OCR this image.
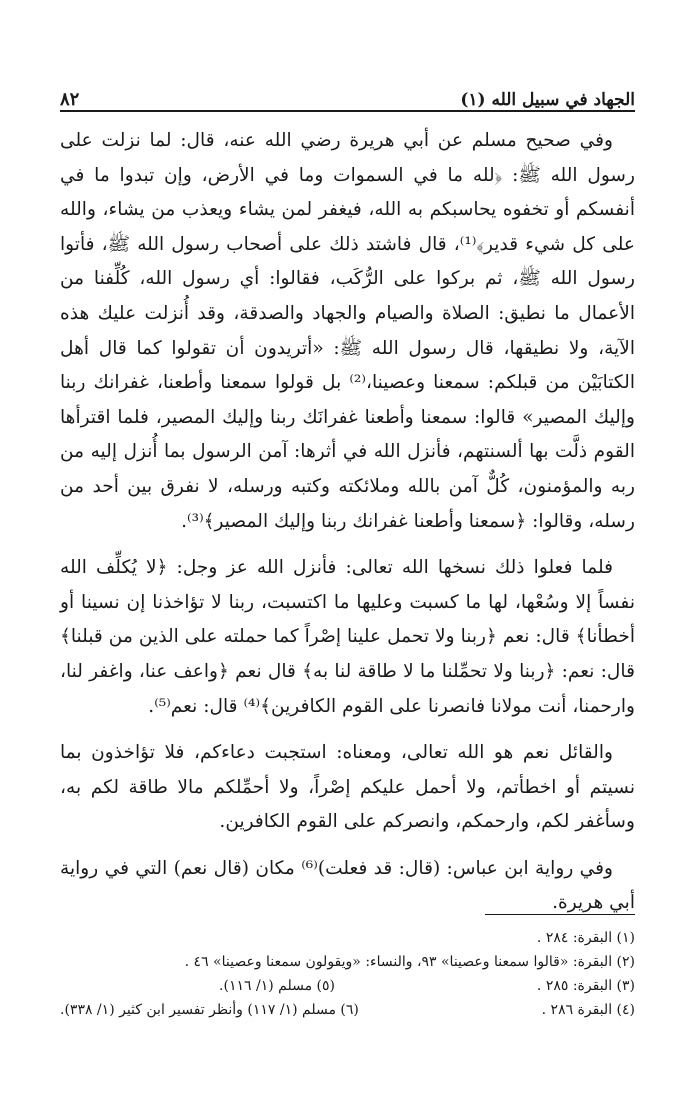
الجهاد في سبيل الله (١)
٨٢

وفي صحيح مسلم عن أبي هريرة رضي الله عنه، قال: لما نزلت على رسول الله ﷺ: ﴿لله ما في السموات وما في الأرض، وإن تبدوا ما في أنفسكم أو تخفوه يحاسبكم به الله، فيغفر لمن يشاء ويعذب من يشاء، والله على كل شيء قدير﴾⁽¹⁾، قال فاشتد ذلك على أصحاب رسول الله ﷺ، فأتوا رسول الله ﷺ، ثم بركوا على الرُّكَب، فقالوا: أي رسول الله، كُلِّفنا من الأعمال ما نطيق: الصلاة والصيام والجهاد والصدقة، وقد أُنزلت عليك هذه الآية، ولا نطيقها، قال رسول الله ﷺ: «أتريدون أن تقولوا كما قال أهل الكتابَيْن من قبلكم: سمعنا وعصينا،⁽²⁾ بل قولوا سمعنا وأطعنا، غفرانك ربنا وإليك المصير» قالوا: سمعنا وأطعنا غفرانَك ربنا وإليك المصير، فلما اقترأها القوم ذلَّت بها ألسنتهم، فأنزل الله في أثرها: آمن الرسول بما أُنزل إليه من ربه والمؤمنون، كُلٌّ آمن بالله وملائكته وكتبه ورسله، لا نفرق بين أحد من رسله، وقالوا: ﴿سمعنا وأطعنا غفرانك ربنا وإليك المصير﴾⁽³⁾.

فلما فعلوا ذلك نسخها الله تعالى: فأنزل الله عز وجل: ﴿لا يُكلِّف الله نفساً إلا وسُعْها، لها ما كسبت وعليها ما اكتسبت، ربنا لا تؤاخذنا إن نسينا أو أخطأنا﴾ قال: نعم ﴿ربنا ولا تحمل علينا إصْراً كما حملته على الذين من قبلنا﴾ قال: نعم: ﴿ربنا ولا تحمِّلنا ما لا طاقة لنا به﴾ قال نعم ﴿واعف عنا، واغفر لنا، وارحمنا، أنت مولانا فانصرنا على القوم الكافرين﴾⁽⁴⁾ قال: نعم⁽⁵⁾.

والقائل نعم هو الله تعالى، ومعناه: استجبت دعاءكم، فلا تؤاخذون بما نسيتم أو اخطأتم، ولا أحمل عليكم إصْراً، ولا أحمِّلكم مالا طاقة لكم به، وسأغفر لكم، وارحمكم، وانصركم على القوم الكافرين.

وفي رواية ابن عباس: (قال: قد فعلت)⁽⁶⁾ مكان (قال نعم) التي في رواية أبي هريرة.

(١) البقرة: ٢٨٤ .
(٢) البقرة: «قالوا سمعنا وعصينا» ٩٣، والنساء: «ويقولون سمعنا وعصينا» ٤٦ .
(٣) البقرة: ٢٨٥ .
(٥) مسلم (١/ ١١٦).
(٤) البقرة ٢٨٦ .
(٦) مسلم (١/ ١١٧) وأنظر تفسير ابن كثير (١/ ٣٣٨).
